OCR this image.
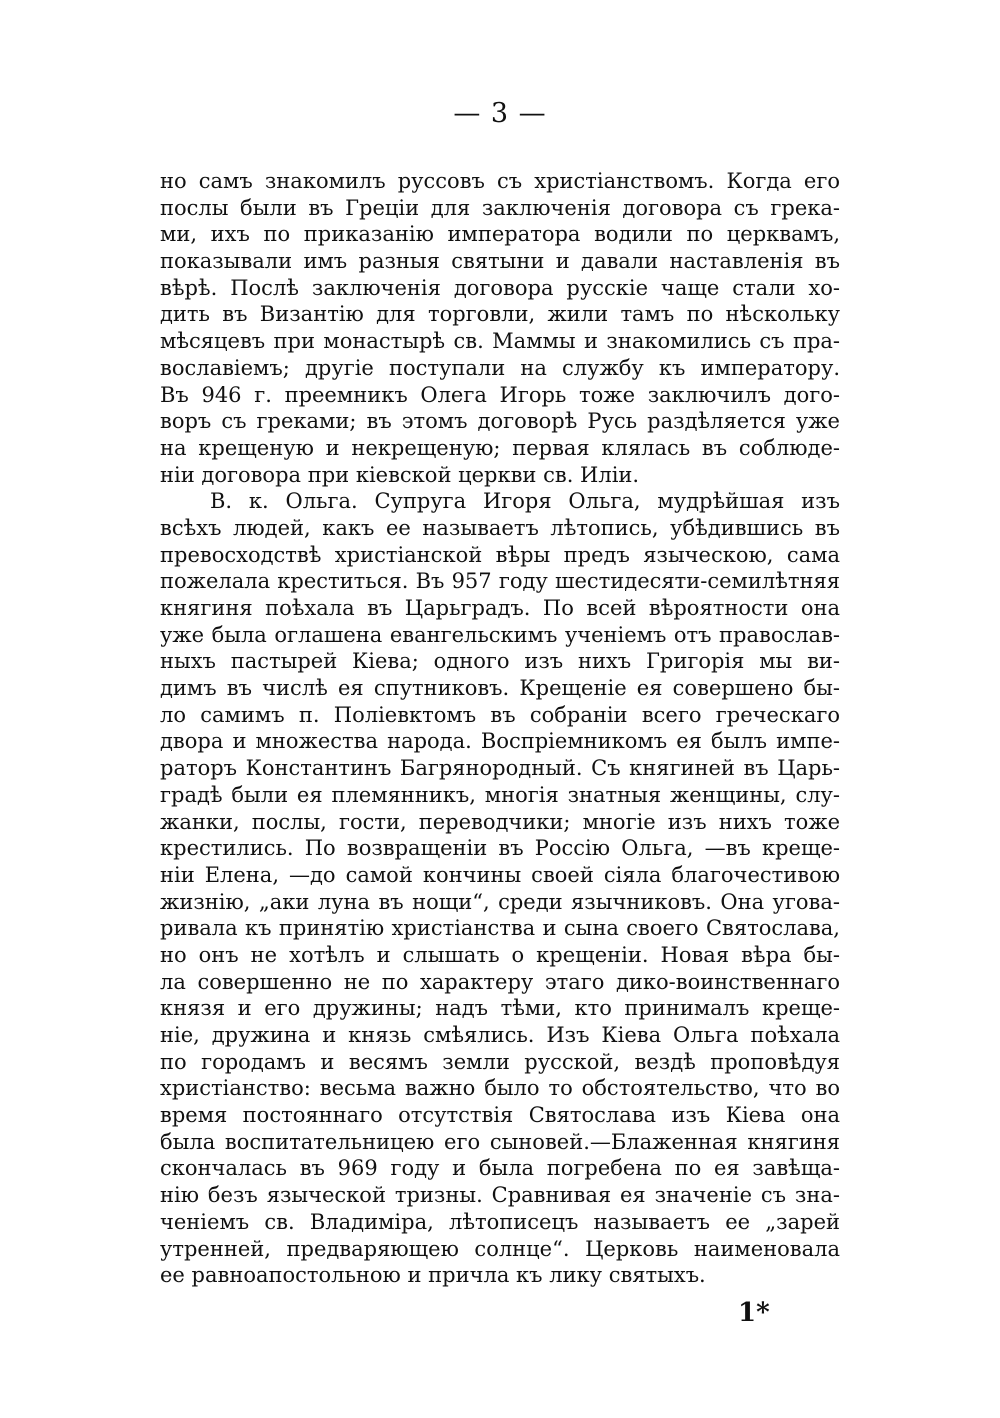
— 3 —
но самъ знакомилъ руссовъ съ христіанствомъ. Когда его
послы были въ Греціи для заключенія договора съ грека-
ми, ихъ по приказанію императора водили по церквамъ,
показывали имъ разныя святыни и давали наставленія въ
вѣрѣ. Послѣ заключенія договора русскіе чаще стали хо-
дить въ Византію для торговли, жили тамъ по нѣскольку
мѣсяцевъ при монастырѣ св. Маммы и знакомились съ пра-
вославіемъ; другіе поступали на службу къ императору.
Въ 946 г. преемникъ Олега Игорь тоже заключилъ дого-
воръ съ греками; въ этомъ договорѣ Русь раздѣляется уже
на крещеную и некрещеную; первая клялась въ соблюде-
ніи договора при кіевской церкви св. Иліи.
В. к. Ольга. Супруга Игоря Ольга, мудрѣйшая изъ
всѣхъ людей, какъ ее называетъ лѣтопись, убѣдившись въ
превосходствѣ христіанской вѣры предъ языческою, сама
пожелала креститься. Въ 957 году шестидесяти-семилѣтняя
княгиня поѣхала въ Царьградъ. По всей вѣроятности она
уже была оглашена евангельскимъ ученіемъ отъ православ-
ныхъ пастырей Кіева; одного изъ нихъ Григорія мы ви-
димъ въ числѣ ея спутниковъ. Крещеніе ея совершено бы-
ло самимъ п. Поліевктомъ въ собраніи всего греческаго
двора и множества народа. Воспріемникомъ ея былъ импе-
раторъ Константинъ Багрянородный. Съ княгиней въ Царь-
градѣ были ея племянникъ, многія знатныя женщины, слу-
жанки, послы, гости, переводчики; многіе изъ нихъ тоже
крестились. По возвращеніи въ Россію Ольга, —въ креще-
ніи Елена, —до самой кончины своей сіяла благочестивою
жизнію, „аки луна въ нощи“, среди язычниковъ. Она угова-
ривала къ принятію христіанства и сына своего Святослава,
но онъ не хотѣлъ и слышать о крещеніи. Новая вѣра бы-
ла совершенно не по характеру этаго дико-воинственнаго
князя и его дружины; надъ тѣми, кто принималъ креще-
ніе, дружина и князь смѣялись. Изъ Кіева Ольга поѣхала
по городамъ и весямъ земли русской, вездѣ проповѣдуя
христіанство: весьма важно было то обстоятельство, что во
время постояннаго отсутствія Святослава изъ Кіева она
была воспитательницею его сыновей.—Блаженная княгиня
скончалась въ 969 году и была погребена по ея завѣща-
нію безъ языческой тризны. Сравнивая ея значеніе съ зна-
ченіемъ св. Владиміра, лѣтописецъ называетъ ее „зарей
утренней, предваряющею солнце“. Церковь наименовала
ее равноапостольною и причла къ лику святыхъ.
1*
